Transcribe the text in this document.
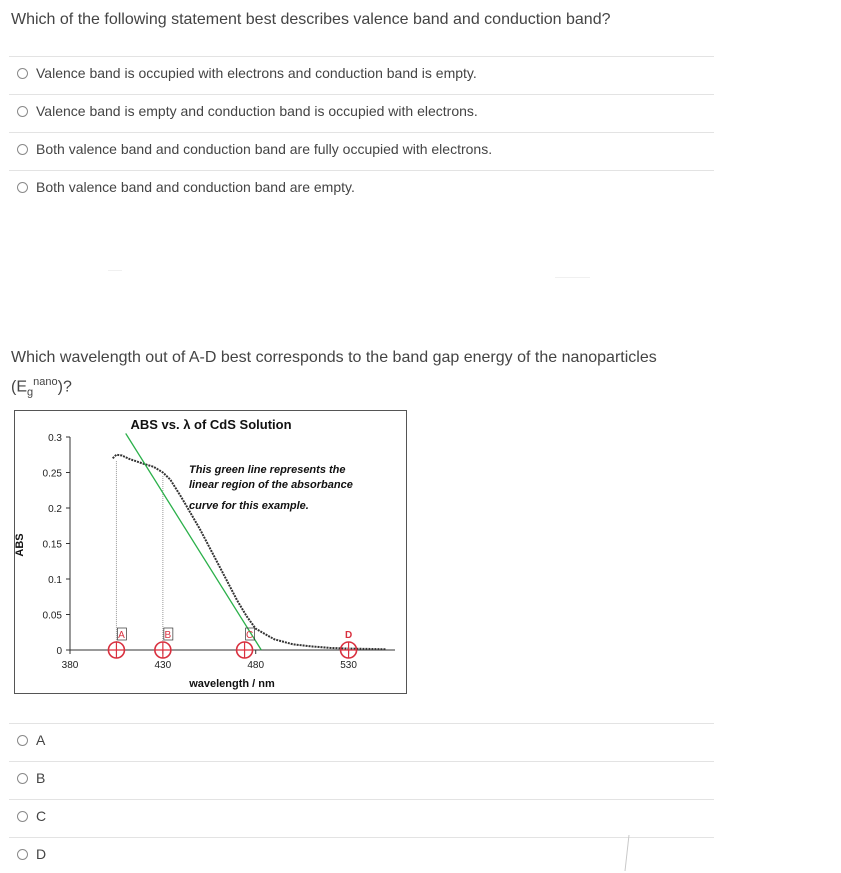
Which of the following statement best describes valence band and conduction band?
Valence band is occupied with electrons and conduction band is empty.
Valence band is empty and conduction band is occupied with electrons.
Both valence band and conduction band are fully occupied with electrons.
Both valence band and conduction band are empty.
Which wavelength out of A-D best corresponds to the band gap energy of the nanoparticles
$(E_g^{nano})$?
ABS vs. λ of CdS Solution
ABS
wavelength / nm
This green line represents the
linear region of the absorbance
curve for this example.
0
0.05
0.1
0.15
0.2
0.25
0.3
380	430	480	530
A	B	C	D
A
B
C
D
